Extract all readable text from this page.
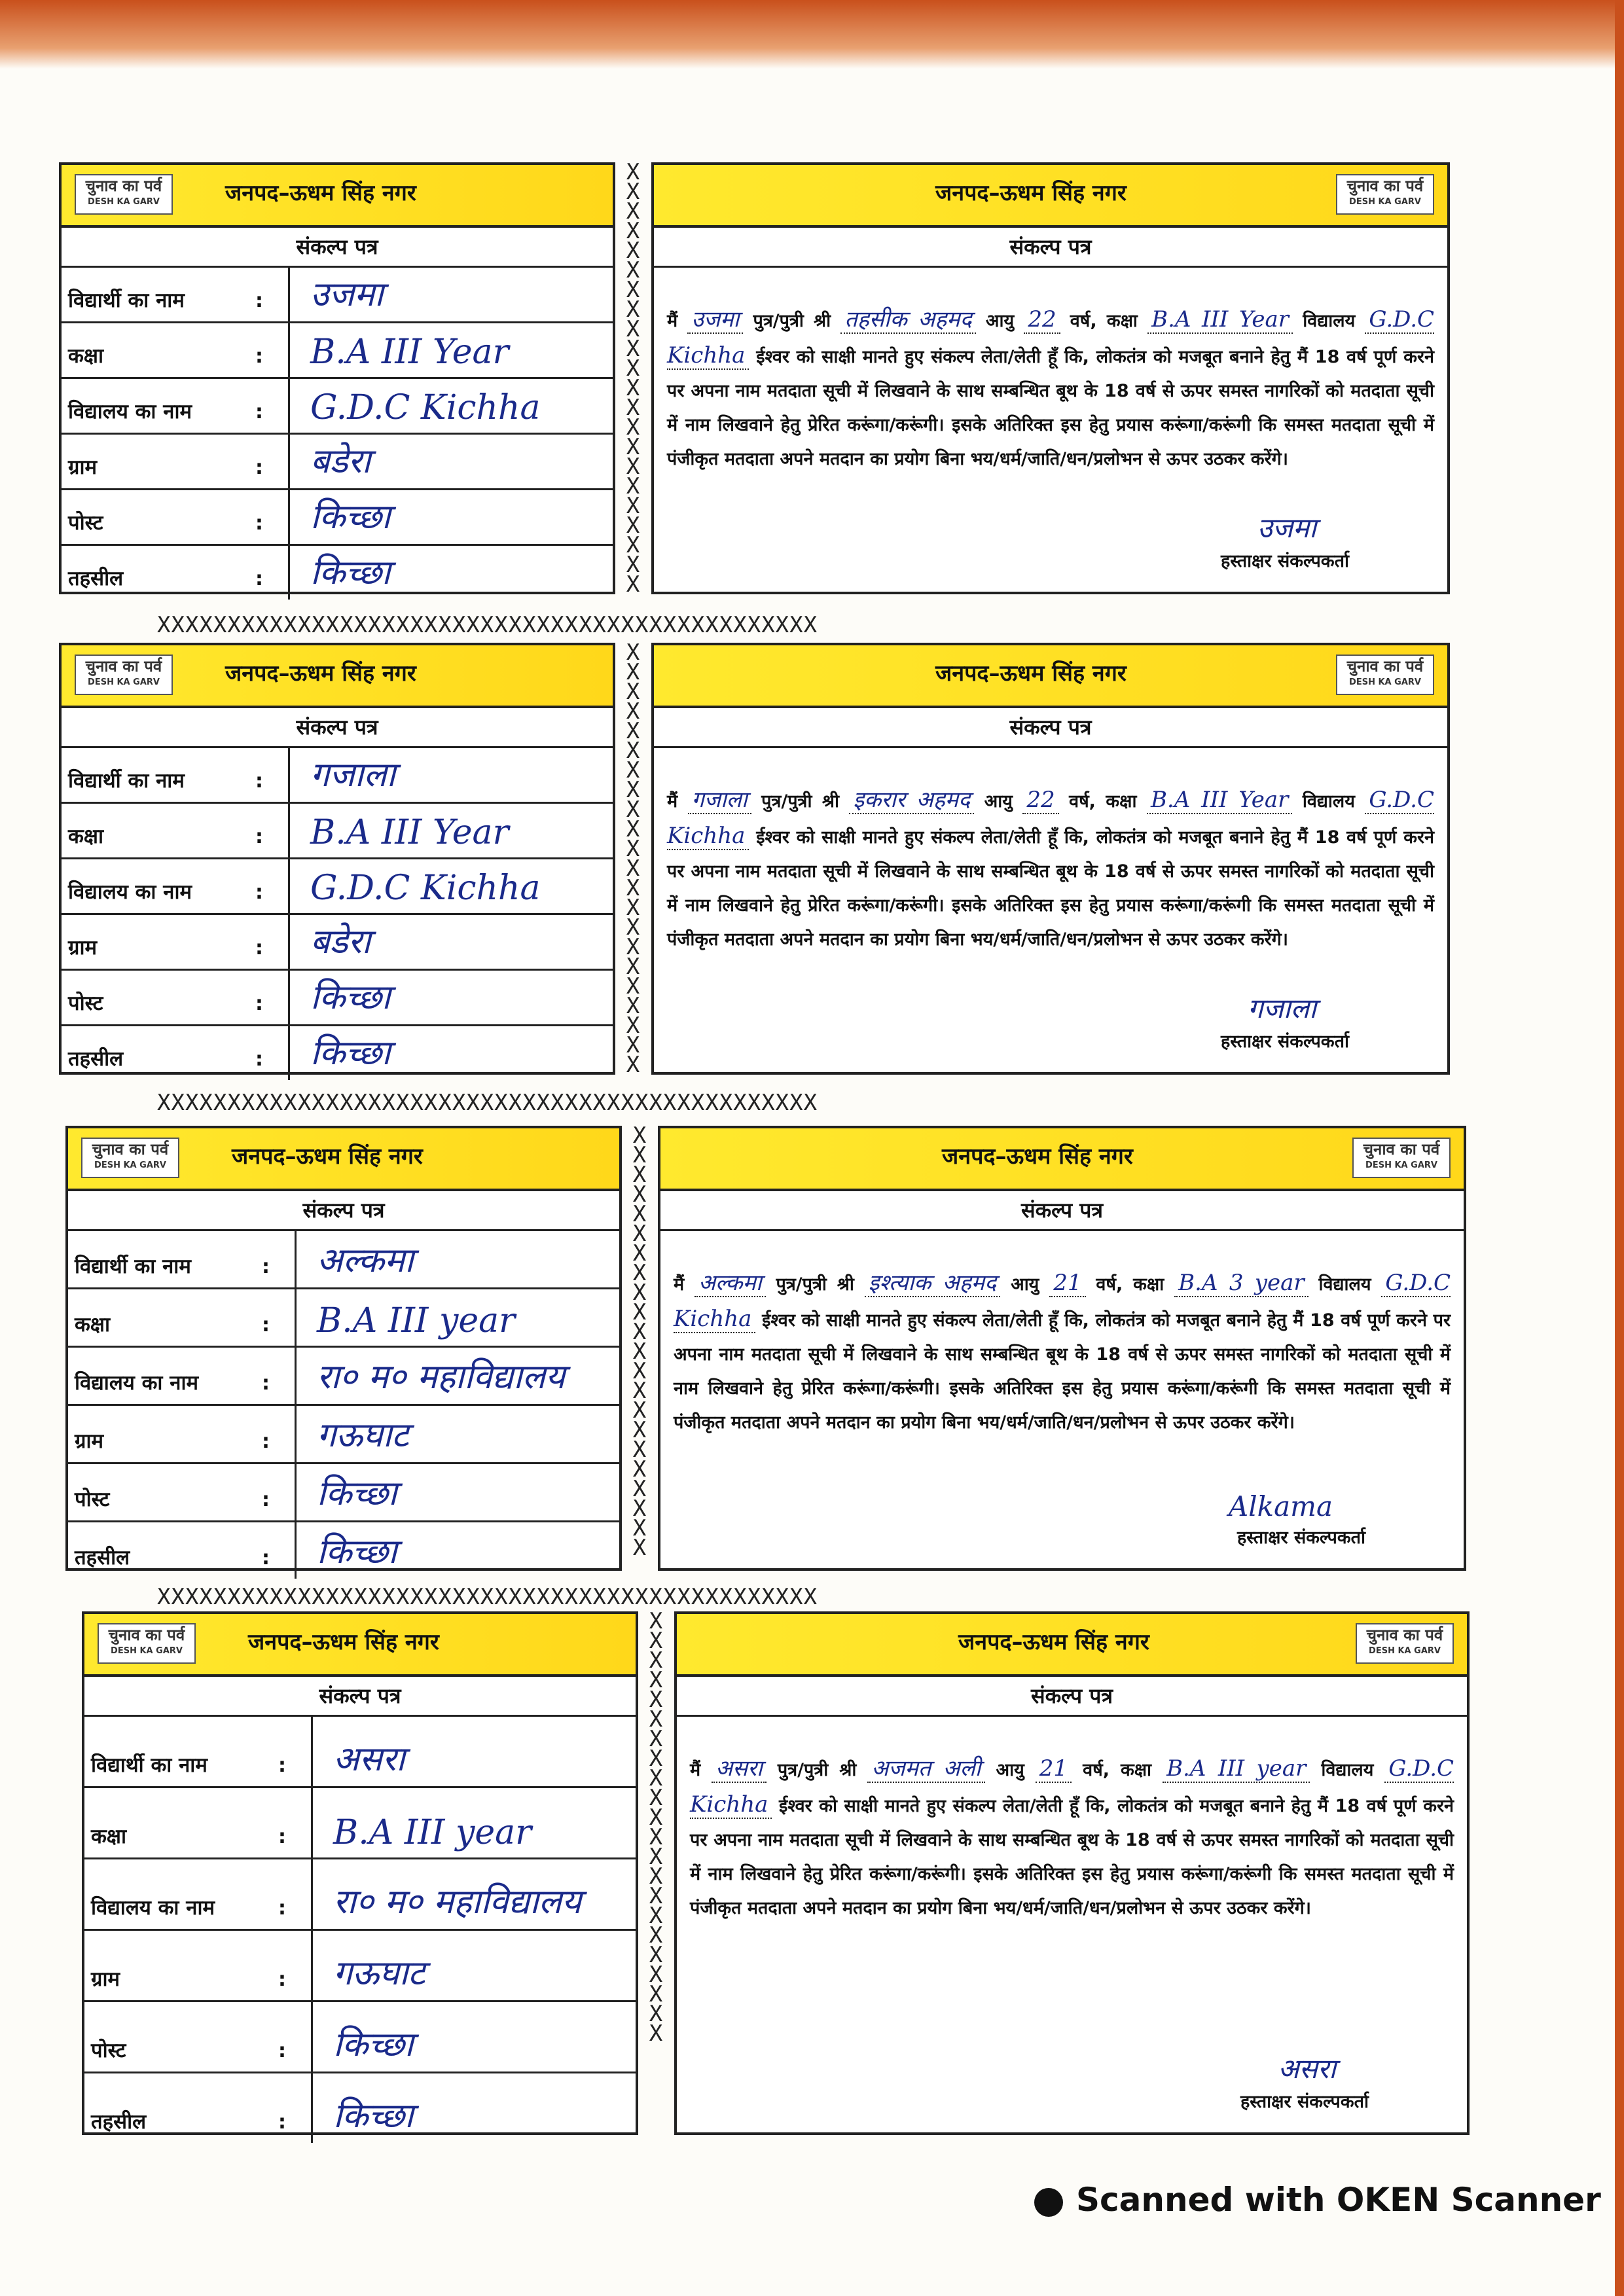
चुनाव का पर्व
DESH KA GARV	जनपद–ऊधम सिंह नगर
संकल्प पत्र
विद्यार्थी का नाम	: उजमा
कक्षा	: B.A III Year
विद्यालय का नाम	: G.D.C Kichha
ग्राम	: बडेरा
पोस्ट	: किच्छा
तहसील	: किच्छा
X X X X X X X X X X X X X X X X X X X X X X
जनपद–ऊधम सिंह नगर	चुनाव का पर्व
DESH KA GARV
संकल्प पत्र
मैं उजमा पुत्र/पुत्री श्री तहसीक अहमद आयु 22 वर्ष, कक्षा B.A III Year विद्यालय G.D.C Kichha ईश्वर को साक्षी मानते हुए संकल्प लेता/लेती हूँ कि, लोकतंत्र को मजबूत बनाने हेतु मैं 18 वर्ष पूर्ण करने पर अपना नाम मतदाता सूची में लिखवाने के साथ सम्बन्धित बूथ के 18 वर्ष से ऊपर समस्त नागरिकों को मतदाता सूची में नाम लिखवाने हेतु प्रेरित करूंगा/करूंगी। इसके अतिरिक्त इस हेतु प्रयास करूंगा/करूंगी कि समस्त मतदाता सूची में पंजीकृत मतदाता अपने मतदान का प्रयोग बिना भय/धर्म/जाति/धन/प्रलोभन से ऊपर उठकर करेंगे।
उजमा
हस्ताक्षर संकल्पकर्ता
चुनाव का पर्व
DESH KA GARV	जनपद–ऊधम सिंह नगर
संकल्प पत्र
विद्यार्थी का नाम	: गजाला
कक्षा	: B.A III Year
विद्यालय का नाम	: G.D.C Kichha
ग्राम	: बडेरा
पोस्ट	: किच्छा
तहसील	: किच्छा
X X X X X X X X X X X X X X X X X X X X X X
जनपद–ऊधम सिंह नगर	चुनाव का पर्व
DESH KA GARV
संकल्प पत्र
मैं गजाला पुत्र/पुत्री श्री इकरार अहमद आयु 22 वर्ष, कक्षा B.A III Year विद्यालय G.D.C Kichha ईश्वर को साक्षी मानते हुए संकल्प लेता/लेती हूँ कि, लोकतंत्र को मजबूत बनाने हेतु मैं 18 वर्ष पूर्ण करने पर अपना नाम मतदाता सूची में लिखवाने के साथ सम्बन्धित बूथ के 18 वर्ष से ऊपर समस्त नागरिकों को मतदाता सूची में नाम लिखवाने हेतु प्रेरित करूंगा/करूंगी। इसके अतिरिक्त इस हेतु प्रयास करूंगा/करूंगी कि समस्त मतदाता सूची में पंजीकृत मतदाता अपने मतदान का प्रयोग बिना भय/धर्म/जाति/धन/प्रलोभन से ऊपर उठकर करेंगे।
गजाला
हस्ताक्षर संकल्पकर्ता
चुनाव का पर्व
DESH KA GARV	जनपद–ऊधम सिंह नगर
संकल्प पत्र
विद्यार्थी का नाम	: अल्कमा
कक्षा	: B.A III year
विद्यालय का नाम	: रा० म० महाविद्यालय
ग्राम	: गऊघाट
पोस्ट	: किच्छा
तहसील	: किच्छा
X X X X X X X X X X X X X X X X X X X X X X
जनपद–ऊधम सिंह नगर	चुनाव का पर्व
DESH KA GARV
संकल्प पत्र
मैं अल्कमा पुत्र/पुत्री श्री इश्त्याक अहमद आयु 21 वर्ष, कक्षा B.A 3 year विद्यालय G.D.C Kichha ईश्वर को साक्षी मानते हुए संकल्प लेता/लेती हूँ कि, लोकतंत्र को मजबूत बनाने हेतु मैं 18 वर्ष पूर्ण करने पर अपना नाम मतदाता सूची में लिखवाने के साथ सम्बन्धित बूथ के 18 वर्ष से ऊपर समस्त नागरिकों को मतदाता सूची में नाम लिखवाने हेतु प्रेरित करूंगा/करूंगी। इसके अतिरिक्त इस हेतु प्रयास करूंगा/करूंगी कि समस्त मतदाता सूची में पंजीकृत मतदाता अपने मतदान का प्रयोग बिना भय/धर्म/जाति/धन/प्रलोभन से ऊपर उठकर करेंगे।
Alkama
हस्ताक्षर संकल्पकर्ता
चुनाव का पर्व
DESH KA GARV	जनपद–ऊधम सिंह नगर
संकल्प पत्र
विद्यार्थी का नाम	: असरा
कक्षा	: B.A III year
विद्यालय का नाम	: रा० म० महाविद्यालय
ग्राम	: गऊघाट
पोस्ट	: किच्छा
तहसील	: किच्छा
X X X X X X X X X X X X X X X X X X X X X X
जनपद–ऊधम सिंह नगर	चुनाव का पर्व
DESH KA GARV
संकल्प पत्र
मैं असरा पुत्र/पुत्री श्री अजमत अली आयु 21 वर्ष, कक्षा B.A III year विद्यालय G.D.C Kichha ईश्वर को साक्षी मानते हुए संकल्प लेता/लेती हूँ कि, लोकतंत्र को मजबूत बनाने हेतु मैं 18 वर्ष पूर्ण करने पर अपना नाम मतदाता सूची में लिखवाने के साथ सम्बन्धित बूथ के 18 वर्ष से ऊपर समस्त नागरिकों को मतदाता सूची में नाम लिखवाने हेतु प्रेरित करूंगा/करूंगी। इसके अतिरिक्त इस हेतु प्रयास करूंगा/करूंगी कि समस्त मतदाता सूची में पंजीकृत मतदाता अपने मतदान का प्रयोग बिना भय/धर्म/जाति/धन/प्रलोभन से ऊपर उठकर करेंगे।
असरा
हस्ताक्षर संकल्पकर्ता
Scanned with OKEN Scanner
XXXXXXXXXXXXXXXXXXXXXXXXXXXXXXXXXXXXXXXXXXXXXXX
XXXXXXXXXXXXXXXXXXXXXXXXXXXXXXXXXXXXXXXXXXXXXXX
XXXXXXXXXXXXXXXXXXXXXXXXXXXXXXXXXXXXXXXXXXXXXXX
